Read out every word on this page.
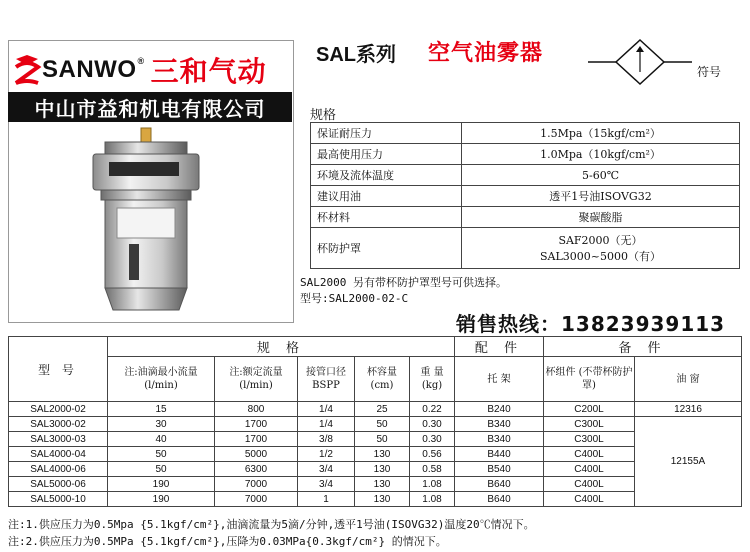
SANWO® 三和气动
中山市益和机电有限公司
SAL系列 空气油雾器
符号
规格
保证耐压力	1.5Mpa（15kgf/cm²）
最高使用压力	1.0Mpa（10kgf/cm²）
环境及流体温度	5-60℃
建议用油	透平1号油ISOVG32
杯材料	聚碳酸脂
杯防护罩	SAF2000（无）
SAL3000~5000（有）
SAL2000 另有带杯防护罩型号可供选择。
型号:SAL2000-02-C
销售热线：13823939113
型 号	规 格					配 件	备 件	
	注:油滴最小流量 (l/min)	注:额定流量 (l/min)	接管口径 BSPP	杯容量 (cm)	重 量 (kg)	托 架	杯组件 (不带杯防护罩)	油 窗
SAL2000-02	15	800	1/4	25	0.22	B240	C200L	12316
SAL3000-02	30	1700	1/4	50	0.30	B340	C300L	12155A
SAL3000-03	40	1700	3/8	50	0.30	B340	C300L	
SAL4000-04	50	5000	1/2	130	0.56	B440	C400L	
SAL4000-06	50	6300	3/4	130	0.58	B540	C400L	
SAL5000-06	190	7000	3/4	130	1.08	B640	C400L	
SAL5000-10	190	7000	1	130	1.08	B640	C400L	
注:1.供应压力为0.5Mpa {5.1kgf/cm²},油滴流量为5滴/分钟,透平1号油(ISOVG32)温度20℃情况下。
注:2.供应压力为0.5MPa {5.1kgf/cm²},压降为0.03MPa{0.3kgf/cm²} 的情况下。
